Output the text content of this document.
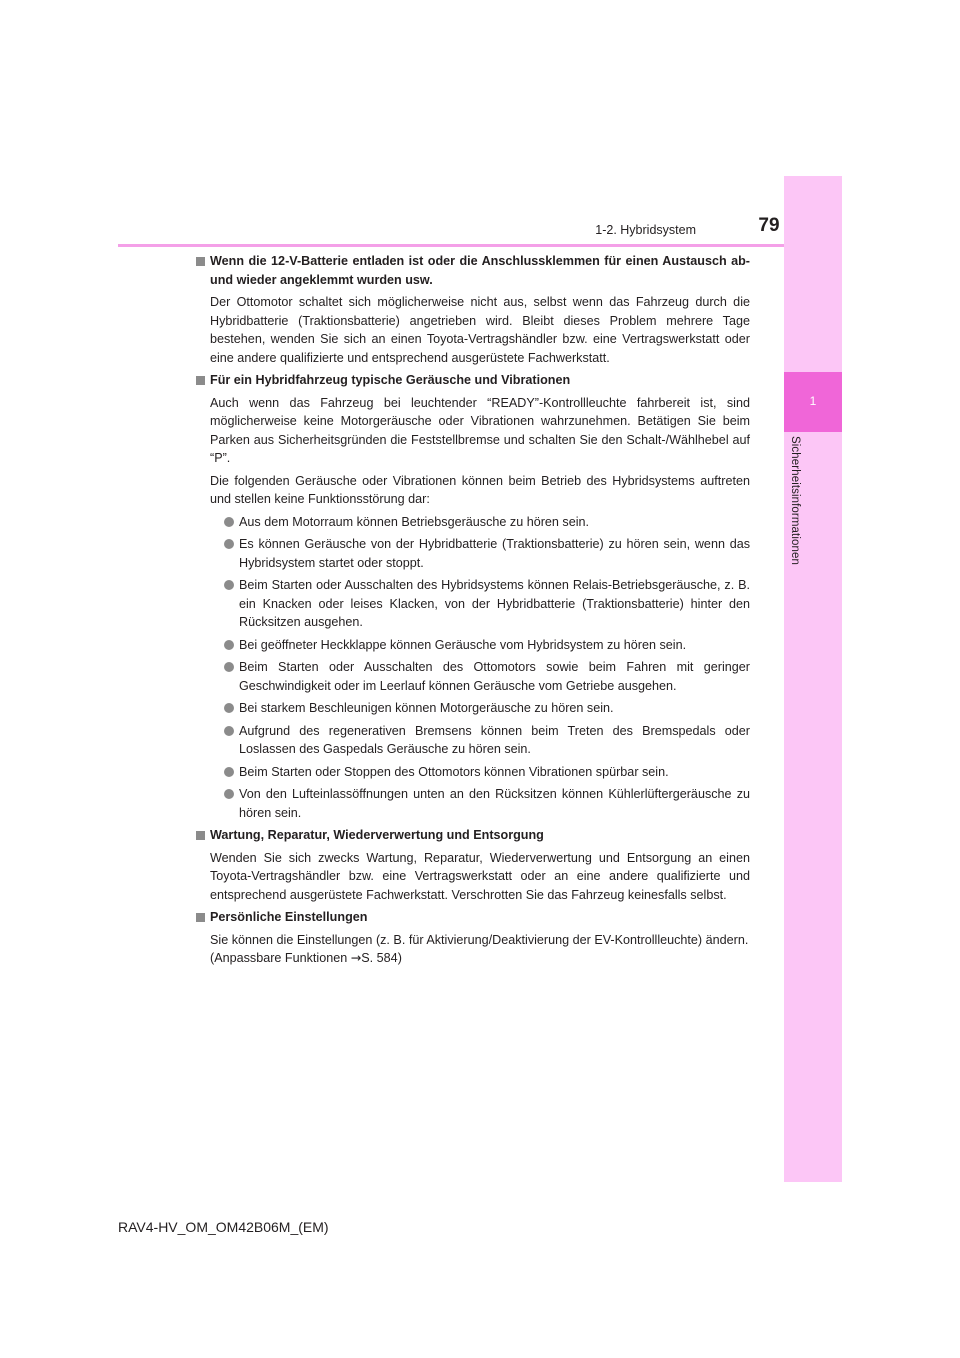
1
Sicherheitsinformationen
1-2. Hybridsystem	79
Wenn die 12-V-Batterie entladen ist oder die Anschlussklemmen für einen Austausch ab- und wieder angeklemmt wurden usw.

Der Ottomotor schaltet sich möglicherweise nicht aus, selbst wenn das Fahrzeug durch die Hybridbatterie (Traktionsbatterie) angetrieben wird. Bleibt dieses Problem mehrere Tage bestehen, wenden Sie sich an einen Toyota-Vertragshändler bzw. eine Vertragswerkstatt oder eine andere qualifizierte und entsprechend ausgerüstete Fachwerkstatt.

Für ein Hybridfahrzeug typische Geräusche und Vibrationen

Auch wenn das Fahrzeug bei leuchtender “READY”-Kontrollleuchte fahrbereit ist, sind möglicherweise keine Motorgeräusche oder Vibrationen wahrzunehmen. Betätigen Sie beim Parken aus Sicherheitsgründen die Feststellbremse und schalten Sie den Schalt-/Wählhebel auf “P”.

Die folgenden Geräusche oder Vibrationen können beim Betrieb des Hybridsystems auftreten und stellen keine Funktionsstörung dar:

Aus dem Motorraum können Betriebsgeräusche zu hören sein.
Es können Geräusche von der Hybridbatterie (Traktionsbatterie) zu hören sein, wenn das Hybridsystem startet oder stoppt.
Beim Starten oder Ausschalten des Hybridsystems können Relais-Betriebsgeräusche, z. B. ein Knacken oder leises Klacken, von der Hybridbatterie (Traktionsbatterie) hinter den Rücksitzen ausgehen.
Bei geöffneter Heckklappe können Geräusche vom Hybridsystem zu hören sein.
Beim Starten oder Ausschalten des Ottomotors sowie beim Fahren mit geringer Geschwindigkeit oder im Leerlauf können Geräusche vom Getriebe ausgehen.
Bei starkem Beschleunigen können Motorgeräusche zu hören sein.
Aufgrund des regenerativen Bremsens können beim Treten des Bremspedals oder Loslassen des Gaspedals Geräusche zu hören sein.
Beim Starten oder Stoppen des Ottomotors können Vibrationen spürbar sein.
Von den Lufteinlassöffnungen unten an den Rücksitzen können Kühlerlüftergeräusche zu hören sein.
Wartung, Reparatur, Wiederverwertung und Entsorgung

Wenden Sie sich zwecks Wartung, Reparatur, Wiederverwertung und Entsorgung an einen Toyota-Vertragshändler bzw. eine Vertragswerkstatt oder an eine andere qualifizierte und entsprechend ausgerüstete Fachwerkstatt. Verschrotten Sie das Fahrzeug keinesfalls selbst.

Persönliche Einstellungen

Sie können die Einstellungen (z. B. für Aktivierung/Deaktivierung der EV-Kontrollleuchte) ändern.

(Anpassbare Funktionen →S. 584)

RAV4-HV_OM_OM42B06M_(EM)
